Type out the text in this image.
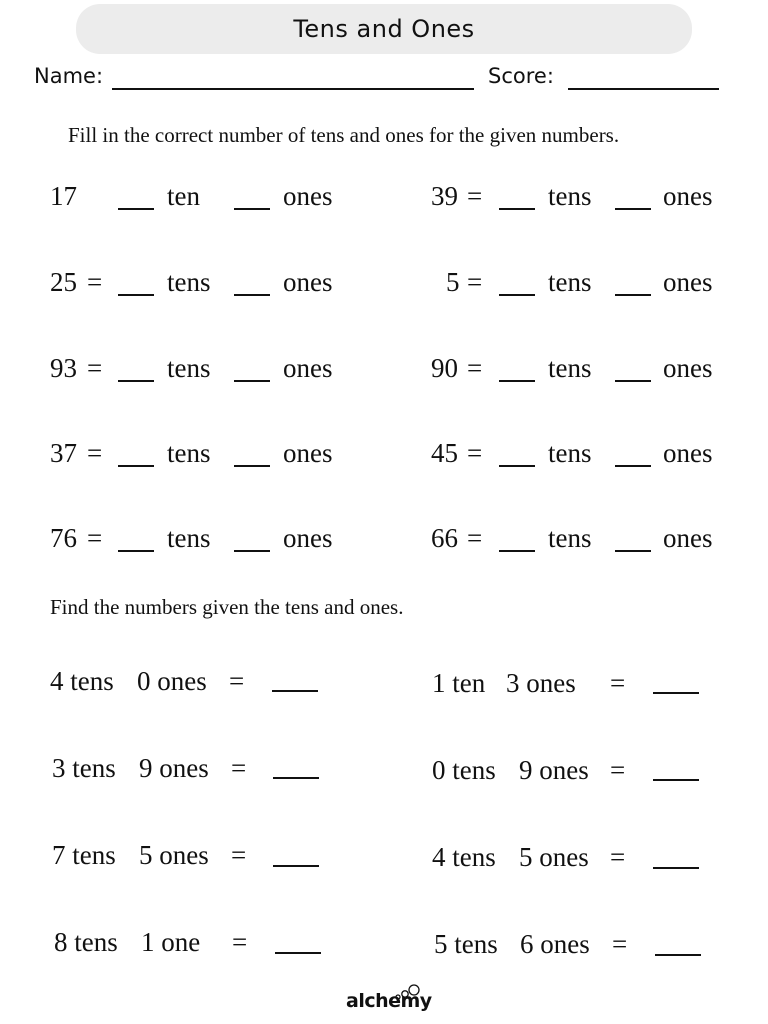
Tens and Ones
Name:	Score:
Fill in the correct number of tens and ones for the given numbers.
17	ten	ones	39 = tens	ones
25 = tens	ones	5 = tens	ones
93 = tens	ones	90 = tens	ones
37 = tens	ones	45 = tens	ones
76 = tens	ones	66 = tens	ones
Find the numbers given the tens and ones.
4 tens 0 ones =	1 ten 3 ones =
3 tens 9 ones =	0 tens 9 ones =
7 tens 5 ones =	4 tens 5 ones =
8 tens 1 one =	5 tens 6 ones =
alchemy
